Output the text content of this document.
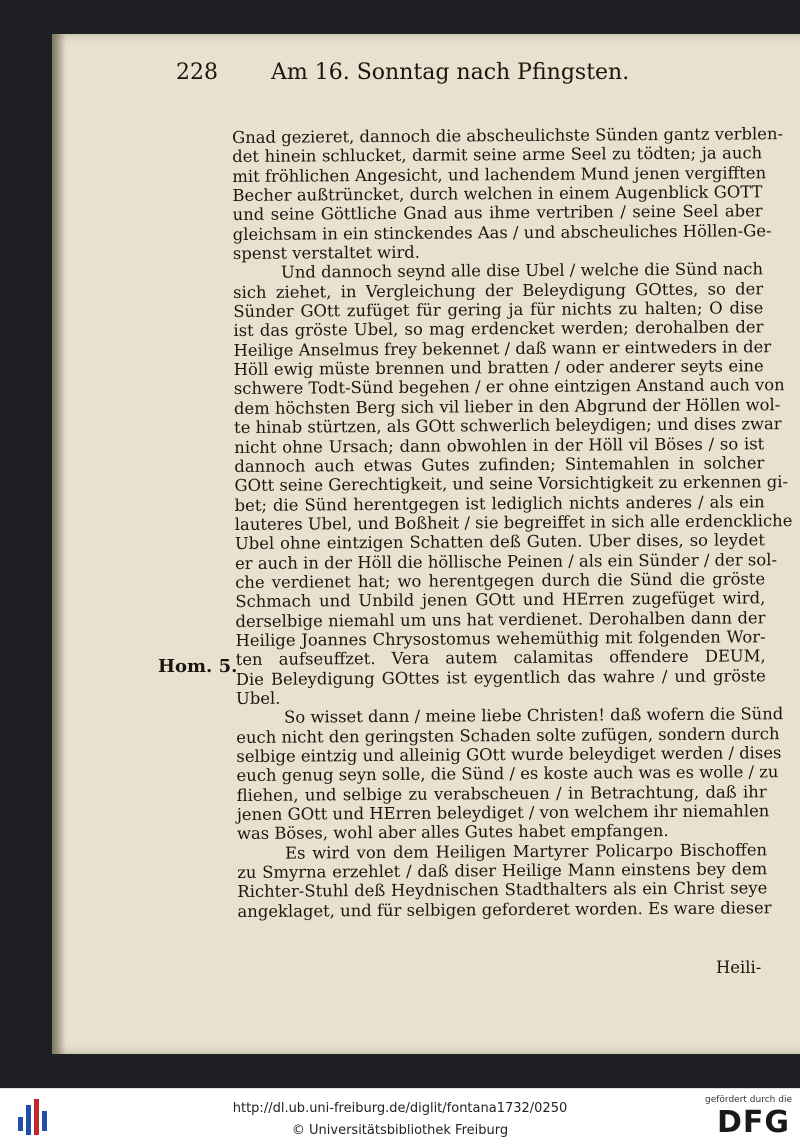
228 Am 16. Sonntag nach Pfingsten.
Hom. 5.
Gnad gezieret, dannoch die abscheulichste Sünden gantz verblen-
det hinein schlucket, darmit seine arme Seel zu tödten; ja auch
mit fröhlichen Angesicht, und lachendem Mund jenen vergifften
Becher außtrüncket, durch welchen in einem Augenblick GOTT
und seine Göttliche Gnad aus ihme vertriben / seine Seel aber
gleichsam in ein stinckendes Aas / und abscheuliches Höllen-Ge-
spenst verstaltet wird.
Und dannoch seynd alle dise Ubel / welche die Sünd nach
sich ziehet, in Vergleichung der Beleydigung GOttes, so der
Sünder GOtt zufüget für gering ja für nichts zu halten; O dise
ist das gröste Ubel, so mag erdencket werden; derohalben der
Heilige Anselmus frey bekennet / daß wann er eintweders in der
Höll ewig müste brennen und bratten / oder anderer seyts eine
schwere Todt-Sünd begehen / er ohne eintzigen Anstand auch von
dem höchsten Berg sich vil lieber in den Abgrund der Höllen wol-
te hinab stürtzen, als GOtt schwerlich beleydigen; und dises zwar
nicht ohne Ursach; dann obwohlen in der Höll vil Böses / so ist
dannoch auch etwas Gutes zufinden; Sintemahlen in solcher
GOtt seine Gerechtigkeit, und seine Vorsichtigkeit zu erkennen gi-
bet; die Sünd herentgegen ist lediglich nichts anderes / als ein
lauteres Ubel, und Boßheit / sie begreiffet in sich alle erdenckliche
Ubel ohne eintzigen Schatten deß Guten. Uber dises, so leydet
er auch in der Höll die höllische Peinen / als ein Sünder / der sol-
che verdienet hat; wo herentgegen durch die Sünd die gröste
Schmach und Unbild jenen GOtt und HErren zugefüget wird,
derselbige niemahl um uns hat verdienet. Derohalben dann der
Heilige Joannes Chrysostomus wehemüthig mit folgenden Wor-
ten aufseuffzet. Vera autem calamitas offendere DEUM,
Die Beleydigung GOttes ist eygentlich das wahre / und gröste
Ubel.
So wisset dann / meine liebe Christen! daß wofern die Sünd
euch nicht den geringsten Schaden solte zufügen, sondern durch
selbige eintzig und alleinig GOtt wurde beleydiget werden / dises
euch genug seyn solle, die Sünd / es koste auch was es wolle / zu
fliehen, und selbige zu verabscheuen / in Betrachtung, daß ihr
jenen GOtt und HErren beleydiget / von welchem ihr niemahlen
was Böses, wohl aber alles Gutes habet empfangen.
Es wird von dem Heiligen Martyrer Policarpo Bischoffen
zu Smyrna erzehlet / daß diser Heilige Mann einstens bey dem
Richter-Stuhl deß Heydnischen Stadthalters als ein Christ seye
angeklaget, und für selbigen geforderet worden. Es ware dieser
Heili-
http://dl.ub.uni-freiburg.de/diglit/fontana1732/0250
© Universitätsbibliothek Freiburg
gefördert durch die
DFG
